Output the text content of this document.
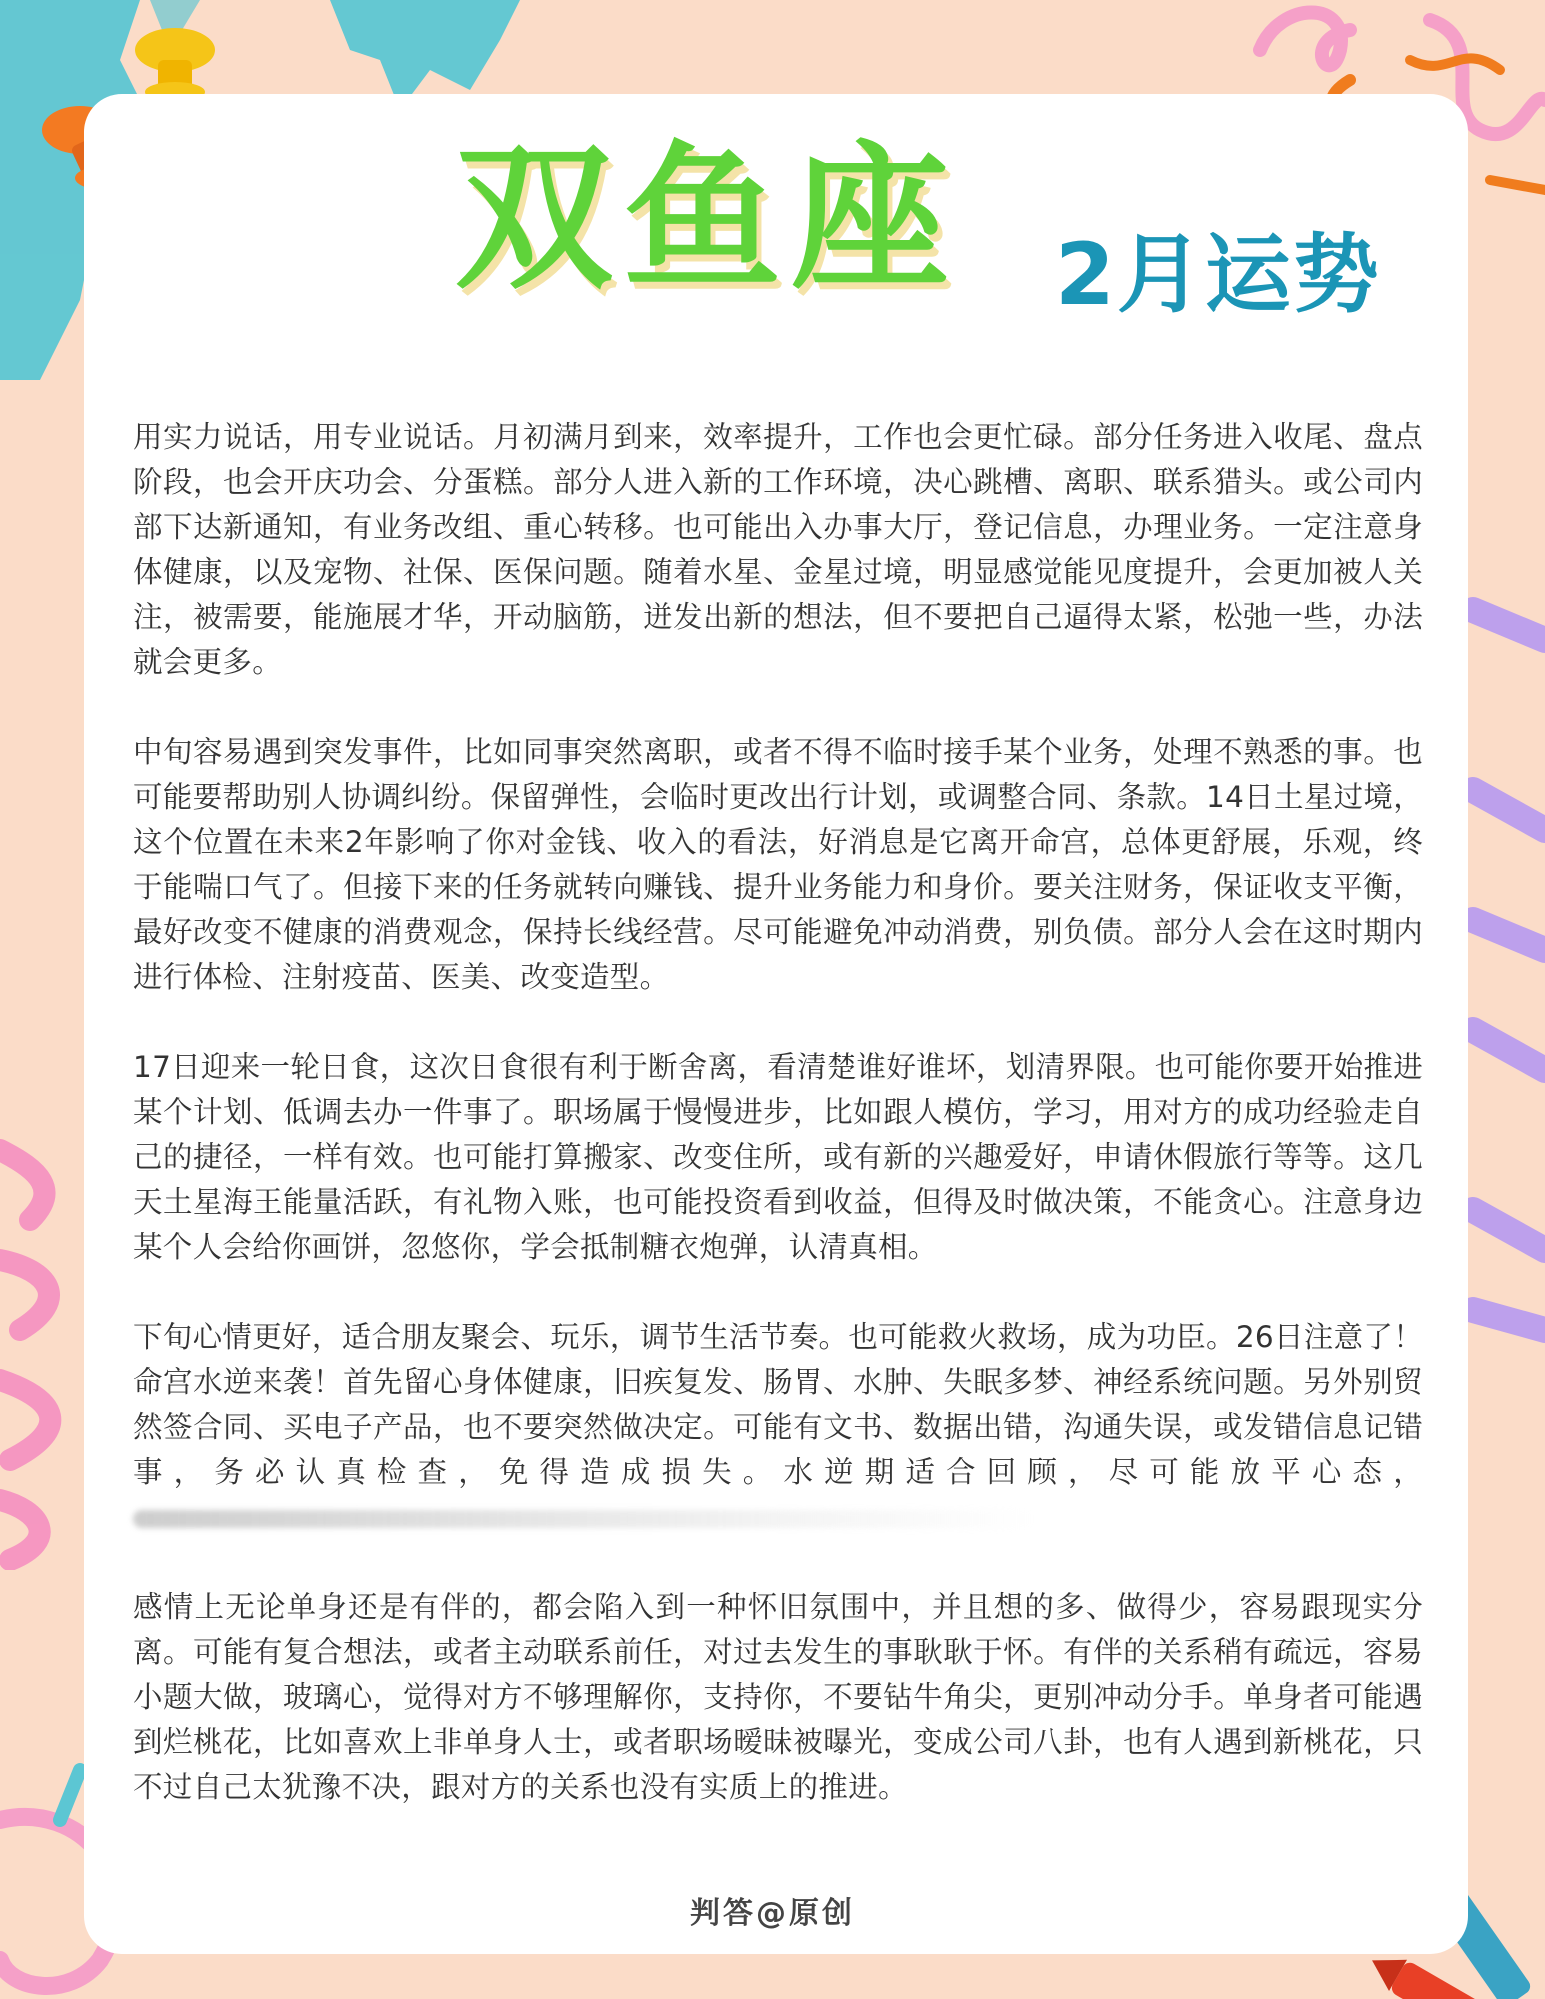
双鱼座 2月运势

用实力说话，用专业说话。月初满月到来，效率提升，工作也会更忙碌。部分任务进入收尾、盘点阶段，也会开庆功会、分蛋糕。部分人进入新的工作环境，决心跳槽、离职、联系猎头。或公司内部下达新通知，有业务改组、重心转移。也可能出入办事大厅，登记信息，办理业务。一定注意身体健康，以及宠物、社保、医保问题。随着水星、金星过境，明显感觉能见度提升，会更加被人关注，被需要，能施展才华，开动脑筋，迸发出新的想法，但不要把自己逼得太紧，松弛一些，办法就会更多。

中旬容易遇到突发事件，比如同事突然离职，或者不得不临时接手某个业务，处理不熟悉的事。也可能要帮助别人协调纠纷。保留弹性，会临时更改出行计划，或调整合同、条款。14日土星过境，这个位置在未来2年影响了你对金钱、收入的看法，好消息是它离开命宫，总体更舒展，乐观，终于能喘口气了。但接下来的任务就转向赚钱、提升业务能力和身价。要关注财务，保证收支平衡，最好改变不健康的消费观念，保持长线经营。尽可能避免冲动消费，别负债。部分人会在这时期内进行体检、注射疫苗、医美、改变造型。

17日迎来一轮日食，这次日食很有利于断舍离，看清楚谁好谁坏，划清界限。也可能你要开始推进某个计划、低调去办一件事了。职场属于慢慢进步，比如跟人模仿，学习，用对方的成功经验走自己的捷径，一样有效。也可能打算搬家、改变住所，或有新的兴趣爱好，申请休假旅行等等。这几天土星海王能量活跃，有礼物入账，也可能投资看到收益，但得及时做决策，不能贪心。注意身边某个人会给你画饼，忽悠你，学会抵制糖衣炮弹，认清真相。

下旬心情更好，适合朋友聚会、玩乐，调节生活节奏。也可能救火救场，成为功臣。26日注意了！命宫水逆来袭！首先留心身体健康，旧疾复发、肠胃、水肿、失眠多梦、神经系统问题。另外别贸然签合同、买电子产品，也不要突然做决定。可能有文书、数据出错，沟通失误，或发错信息记错事，务必认真检查，免得造成损失。水逆期适合回顾，尽可能放平心态，

感情上无论单身还是有伴的，都会陷入到一种怀旧氛围中，并且想的多、做得少，容易跟现实分离。可能有复合想法，或者主动联系前任，对过去发生的事耿耿于怀。有伴的关系稍有疏远，容易小题大做，玻璃心，觉得对方不够理解你，支持你，不要钻牛角尖，更别冲动分手。单身者可能遇到烂桃花，比如喜欢上非单身人士，或者职场暧昧被曝光，变成公司八卦，也有人遇到新桃花，只不过自己太犹豫不决，跟对方的关系也没有实质上的推进。

判答@原创
